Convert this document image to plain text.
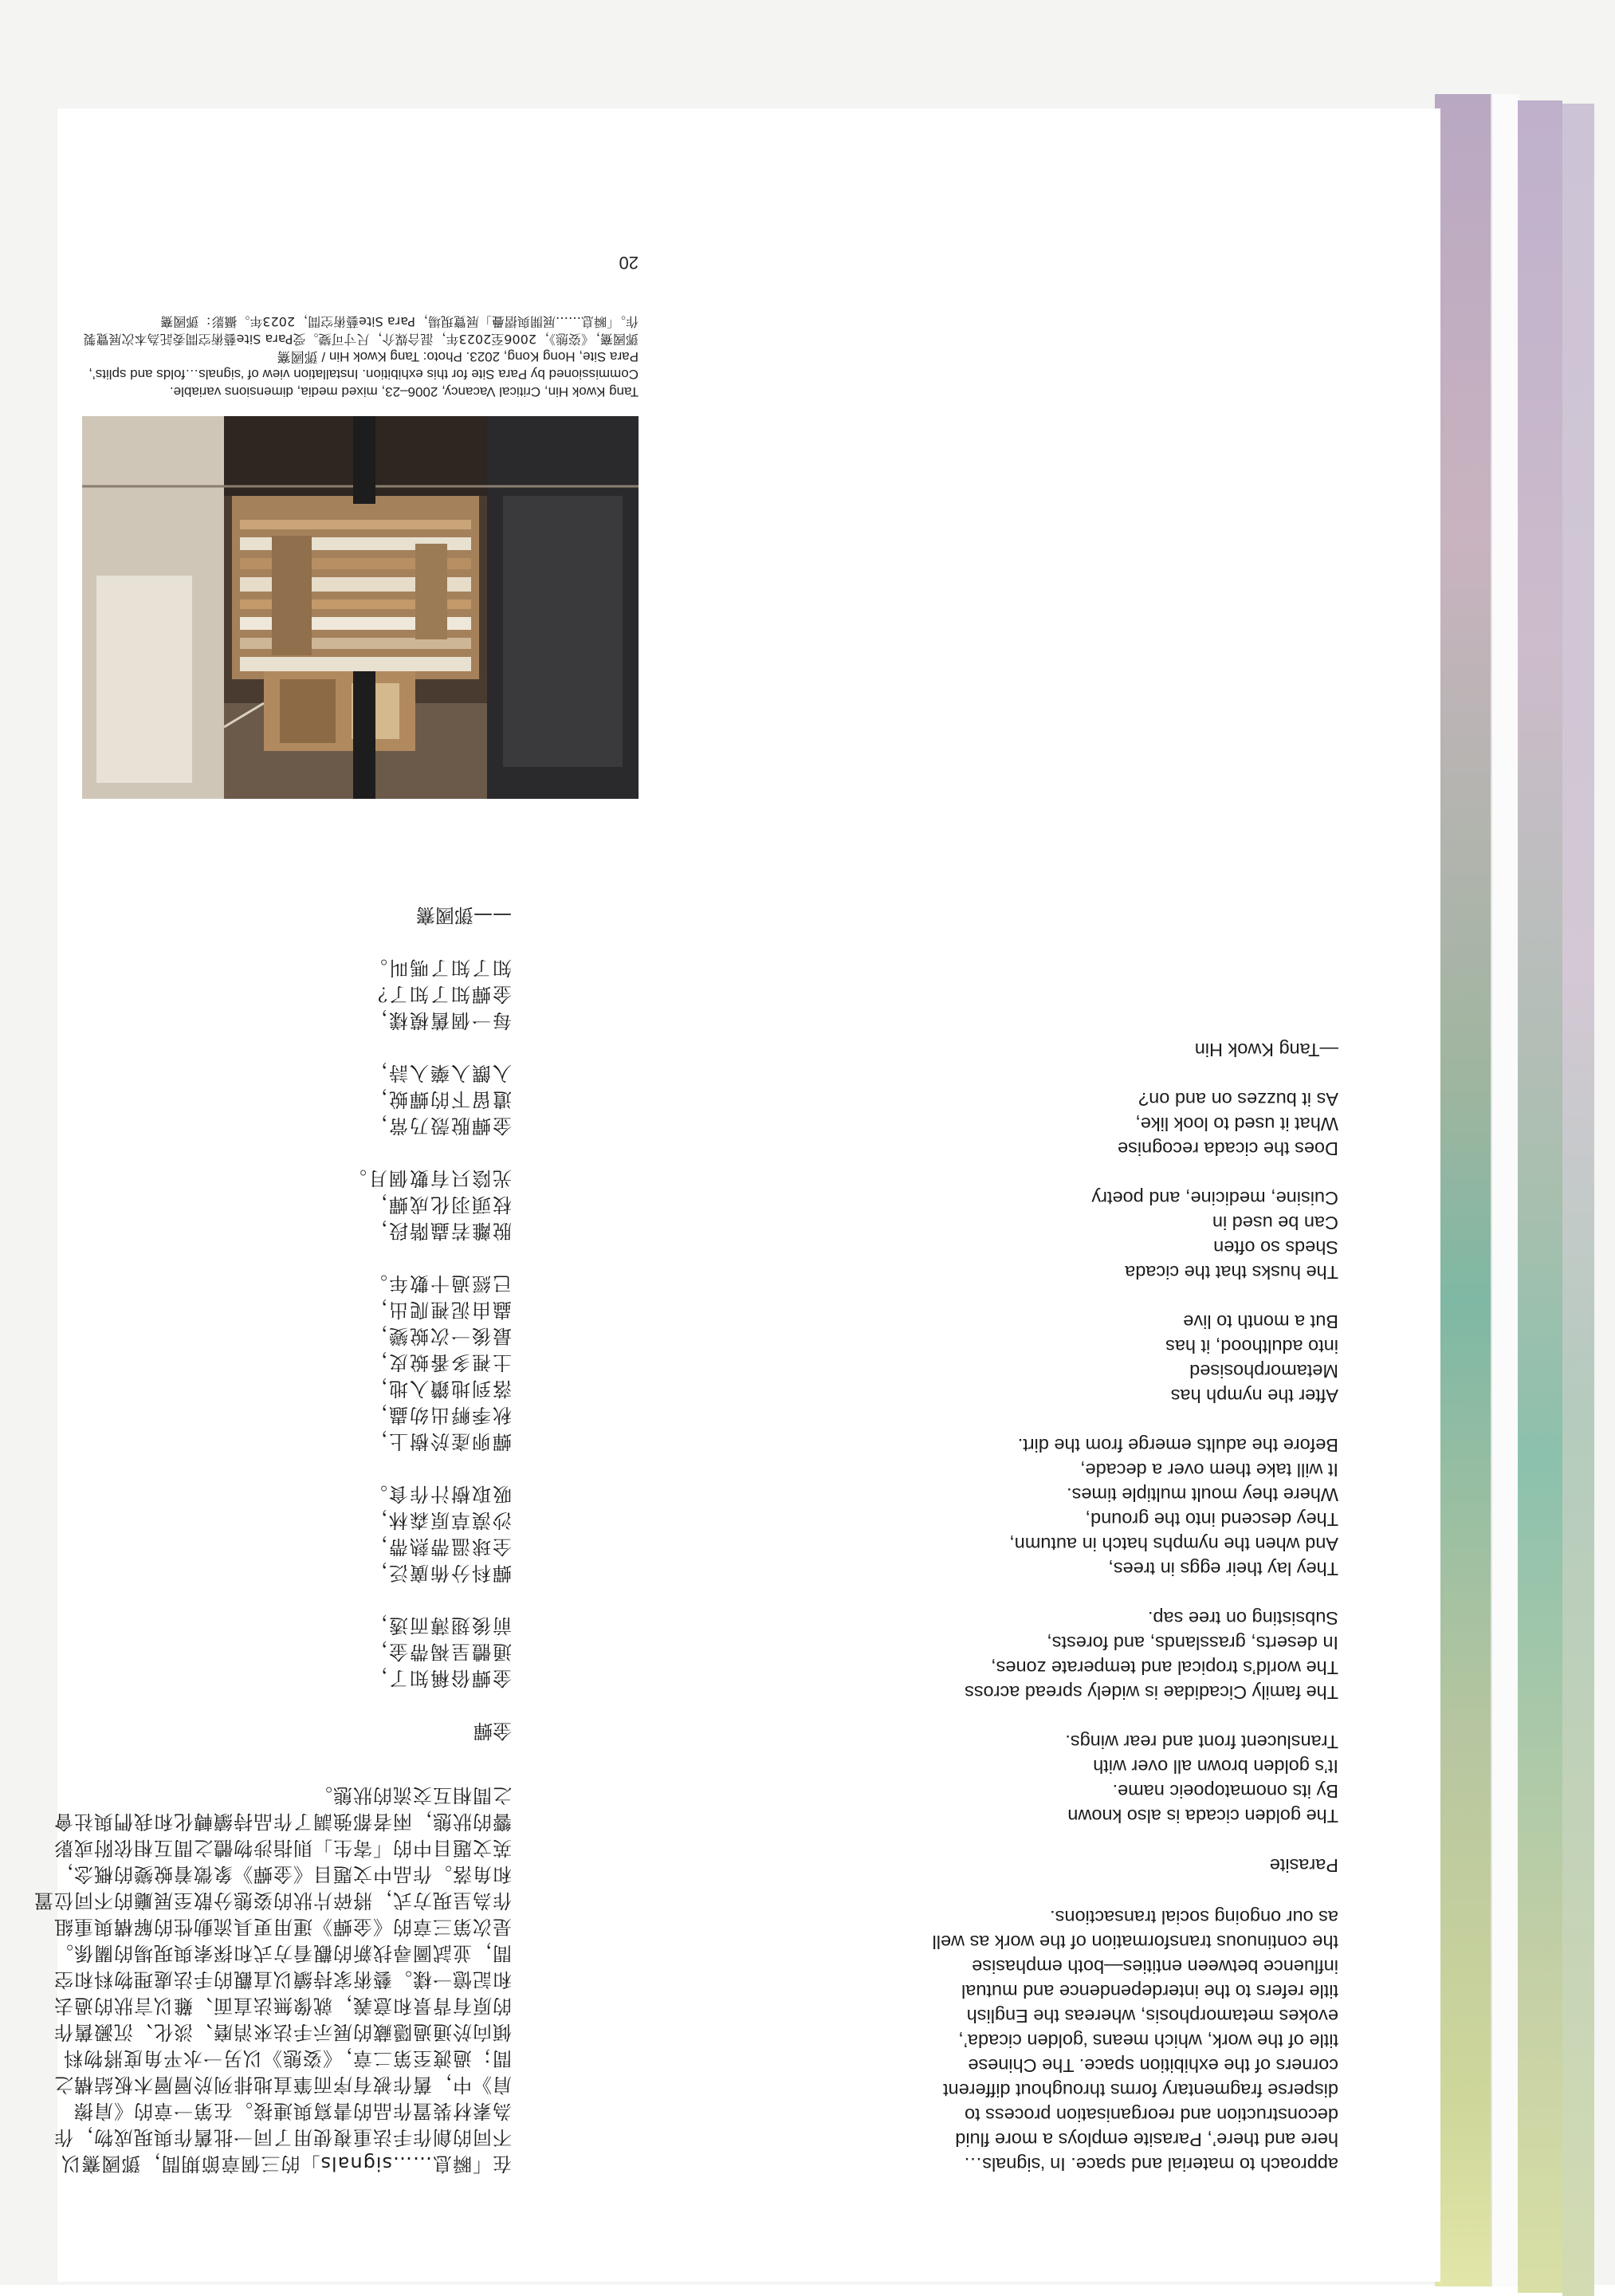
approach to material and space. In ‘signals…
here and there’, Parasite employs a more fluid
deconstruction and reorganisation process to
disperse fragmentary forms throughout different
corners of the exhibition space. The Chinese
title of the work, which means ‘golden cicada’,
evokes metamorphosis, whereas the English
title refers to the interdependence and mutual
influence between entities—both emphasise
the continuous transformation of the work as well
as our ongoing social transactions.

Parasite

The golden cicada is also known
By its onomatopoeic name.
It’s golden brown all over with
Translucent front and rear wings.

The family Cicadidae is widely spread across
The world’s tropical and temperate zones,
In deserts, grasslands, and forests,
Subsisting on tree sap.

They lay their eggs in trees,
And when the nymphs hatch in autumn,
They descend into the ground,
Where they moult multiple times.
It will take them over a decade,
Before the adults emerge from the dirt.

After the nymph has
Metamorphosised
into adulthood, it has
But a month to live

The husks that the cicada
Sheds so often
Can be used in
Cuisine, medicine, and poetry

Does the cicada recognise
What it used to look like,
As it buzzes on and on?

—Tang Kwok Hin

在「瞬息……signals」的三個章節期間，鄧國騫以
不同的創作手法重複使用了同一批舊作與現成物，作
為素材裝置作品的書寫與連接。在第一章的《肩擦
肩》中，舊作被有序而筆直地排列於層層木板結構之
間；過渡至第二章，《姿態》以另一水平角度將物料
傾向於通過隱藏的展示手法來消磨、淡化、沉澱舊作
的原有背景和意義，就像無法直面、難以言狀的過去
和記憶一樣。藝術家持續以直觀的手法處理物料和空
間，並試圖尋找新的觀看方式和探索與現場的關係。
是次第三章的《金蟬》運用更具流動性的解構與重組
作為呈現方式，將碎片狀的姿態分散至展廳的不同位置
和角落。作品中文題目《金蟬》象徵着蛻變的概念，
英文題目中的「寄生」則指涉物體之間互相依附或影
響的狀態，兩者都強調了作品持續轉化和我們與社會
之間相互交流的狀態。

金蟬

金蟬俗稱知了，
通體呈褐帶金，
前後翅薄而透，

蟬科分佈廣泛，
全球溫帶熱帶，
沙漠草原森林，
吸取樹汁作食。

蟬卵產於樹上，
秋季孵出幼蟲，
落到地鑽入地，
土裡多番蛻皮，
最後一次蛻變，
蟲由泥裡爬出，
已經過十數年。

脫離若蟲階段，
枝頭羽化成蟬，
光陰只有數個月。

金蟬脫殼乃常，
遺留下的蟬蛻，
入饌入藥入詩，

每一個舊模樣，
金蟬知了知了？
知了知了嗎叫。

——鄧國騫

Tang Kwok Hin, Critical Vacancy, 2006–23, mixed media, dimensions variable. Commissioned by Para Site for this exhibition. Installation view of ‘signals…folds and splits’, Para Site, Hong Kong, 2023. Photo: Tang Kwok Hin / 鄧國騫

鄧國騫，《姿態》，2006至2023年，混合媒介，尺寸可變。受Para Site藝術空間委託為本次展覽製作。「瞬息……展開與摺疊」展覽現場，Para Site藝術空間，2023年。攝影：鄧國騫

20
